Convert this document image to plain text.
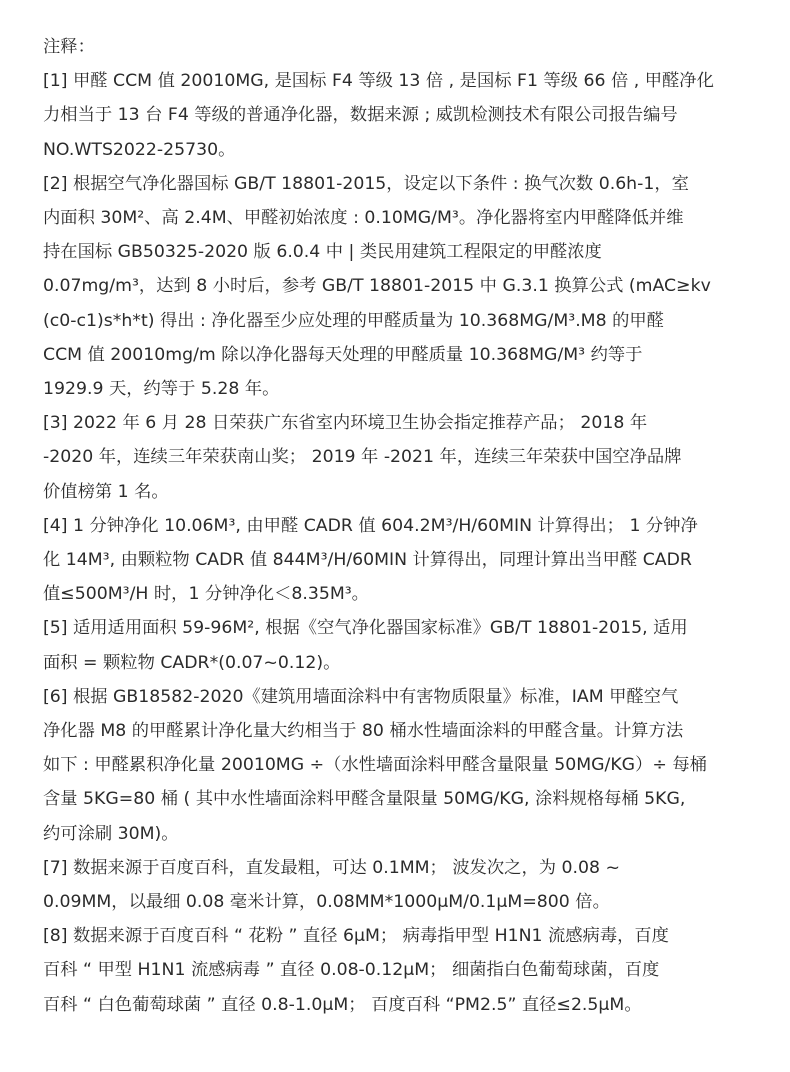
注释：

[1] 甲醛 CCM 值 20010MG, 是国标 F4 等级 13 倍 , 是国标 F1 等级 66 倍 , 甲醛净化
力相当于 13 台 F4 等级的普通净化器，数据来源 ; 威凯检测技术有限公司报告编号
NO.WTS2022-25730。

[2] 根据空气净化器国标 GB/T 18801-2015，设定以下条件 : 换气次数 0.6h-1，室
内面积 30M²、高 2.4M、甲醛初始浓度 : 0.10MG/M³。净化器将室内甲醛降低并维
持在国标 GB50325-2020 版 6.0.4 中 | 类民用建筑工程限定的甲醛浓度
0.07mg/m³，达到 8 小时后，参考 GB/T 18801-2015 中 G.3.1 换算公式 (mAC≥kv
(c0-c1)s*h*t) 得出 : 净化器至少应处理的甲醛质量为 10.368MG/M³.M8 的甲醛
CCM 值 20010mg/m 除以净化器每天处理的甲醛质量 10.368MG/M³ 约等于
1929.9 天，约等于 5.28 年。

[3] 2022 年 6 月 28 日荣获广东省室内环境卫生协会指定推荐产品； 2018 年
-2020 年，连续三年荣获南山奖； 2019 年 -2021 年，连续三年荣获中国空净品牌
价值榜第 1 名。

[4] 1 分钟净化 10.06M³, 由甲醛 CADR 值 604.2M³/H/60MIN 计算得出； 1 分钟净
化 14M³, 由颗粒物 CADR 值 844M³/H/60MIN 计算得出，同理计算出当甲醛 CADR
值≤500M³/H 时，1 分钟净化＜8.35M³。

[5] 适用适用面积 59-96M², 根据《空气净化器国家标准》GB/T 18801-2015, 适用
面积 = 颗粒物 CADR*(0.07~0.12)。

[6] 根据 GB18582-2020《建筑用墙面涂料中有害物质限量》标准，IAM 甲醛空气
净化器 M8 的甲醛累计净化量大约相当于 80 桶水性墙面涂料的甲醛含量。计算方法
如下 : 甲醛累积净化量 20010MG ÷（水性墙面涂料甲醛含量限量 50MG/KG）÷ 每桶
含量 5KG=80 桶 ( 其中水性墙面涂料甲醛含量限量 50MG/KG, 涂料规格每桶 5KG,
约可涂刷 30M)。

[7] 数据来源于百度百科，直发最粗，可达 0.1MM； 波发次之，为 0.08 ~
0.09MM，以最细 0.08 毫米计算，0.08MM*1000μM/0.1μM=800 倍。

[8] 数据来源于百度百科 “ 花粉 ” 直径 6μM； 病毒指甲型 H1N1 流感病毒，百度
百科 “ 甲型 H1N1 流感病毒 ” 直径 0.08-0.12μM； 细菌指白色葡萄球菌，百度
百科 “ 白色葡萄球菌 ” 直径 0.8-1.0μM； 百度百科 “PM2.5” 直径≤2.5μM。
